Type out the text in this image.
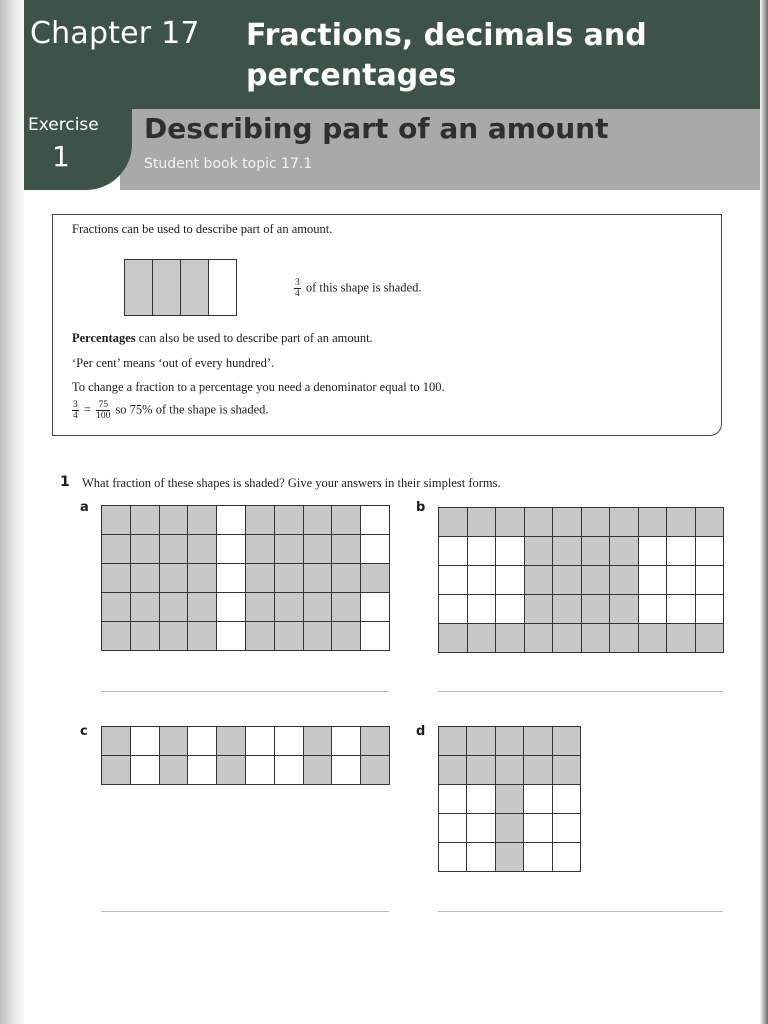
Chapter 17 Fractions, decimals and percentages
Exercise
1
Describing part of an amount
Student book topic 17.1
Fractions can be used to describe part of an amount.
$\frac{3}{4}$ of this shape is shaded.
Percentages can also be used to describe part of an amount.
‘Per cent’ means ‘out of every hundred’.
To change a fraction to a percentage you need a denominator equal to 100.
$\frac{3}{4} = \frac{75}{100}$ so 75% of the shape is shaded.
1 What fraction of these shapes is shaded? Give your answers in their simplest forms.
a	b
c	d
